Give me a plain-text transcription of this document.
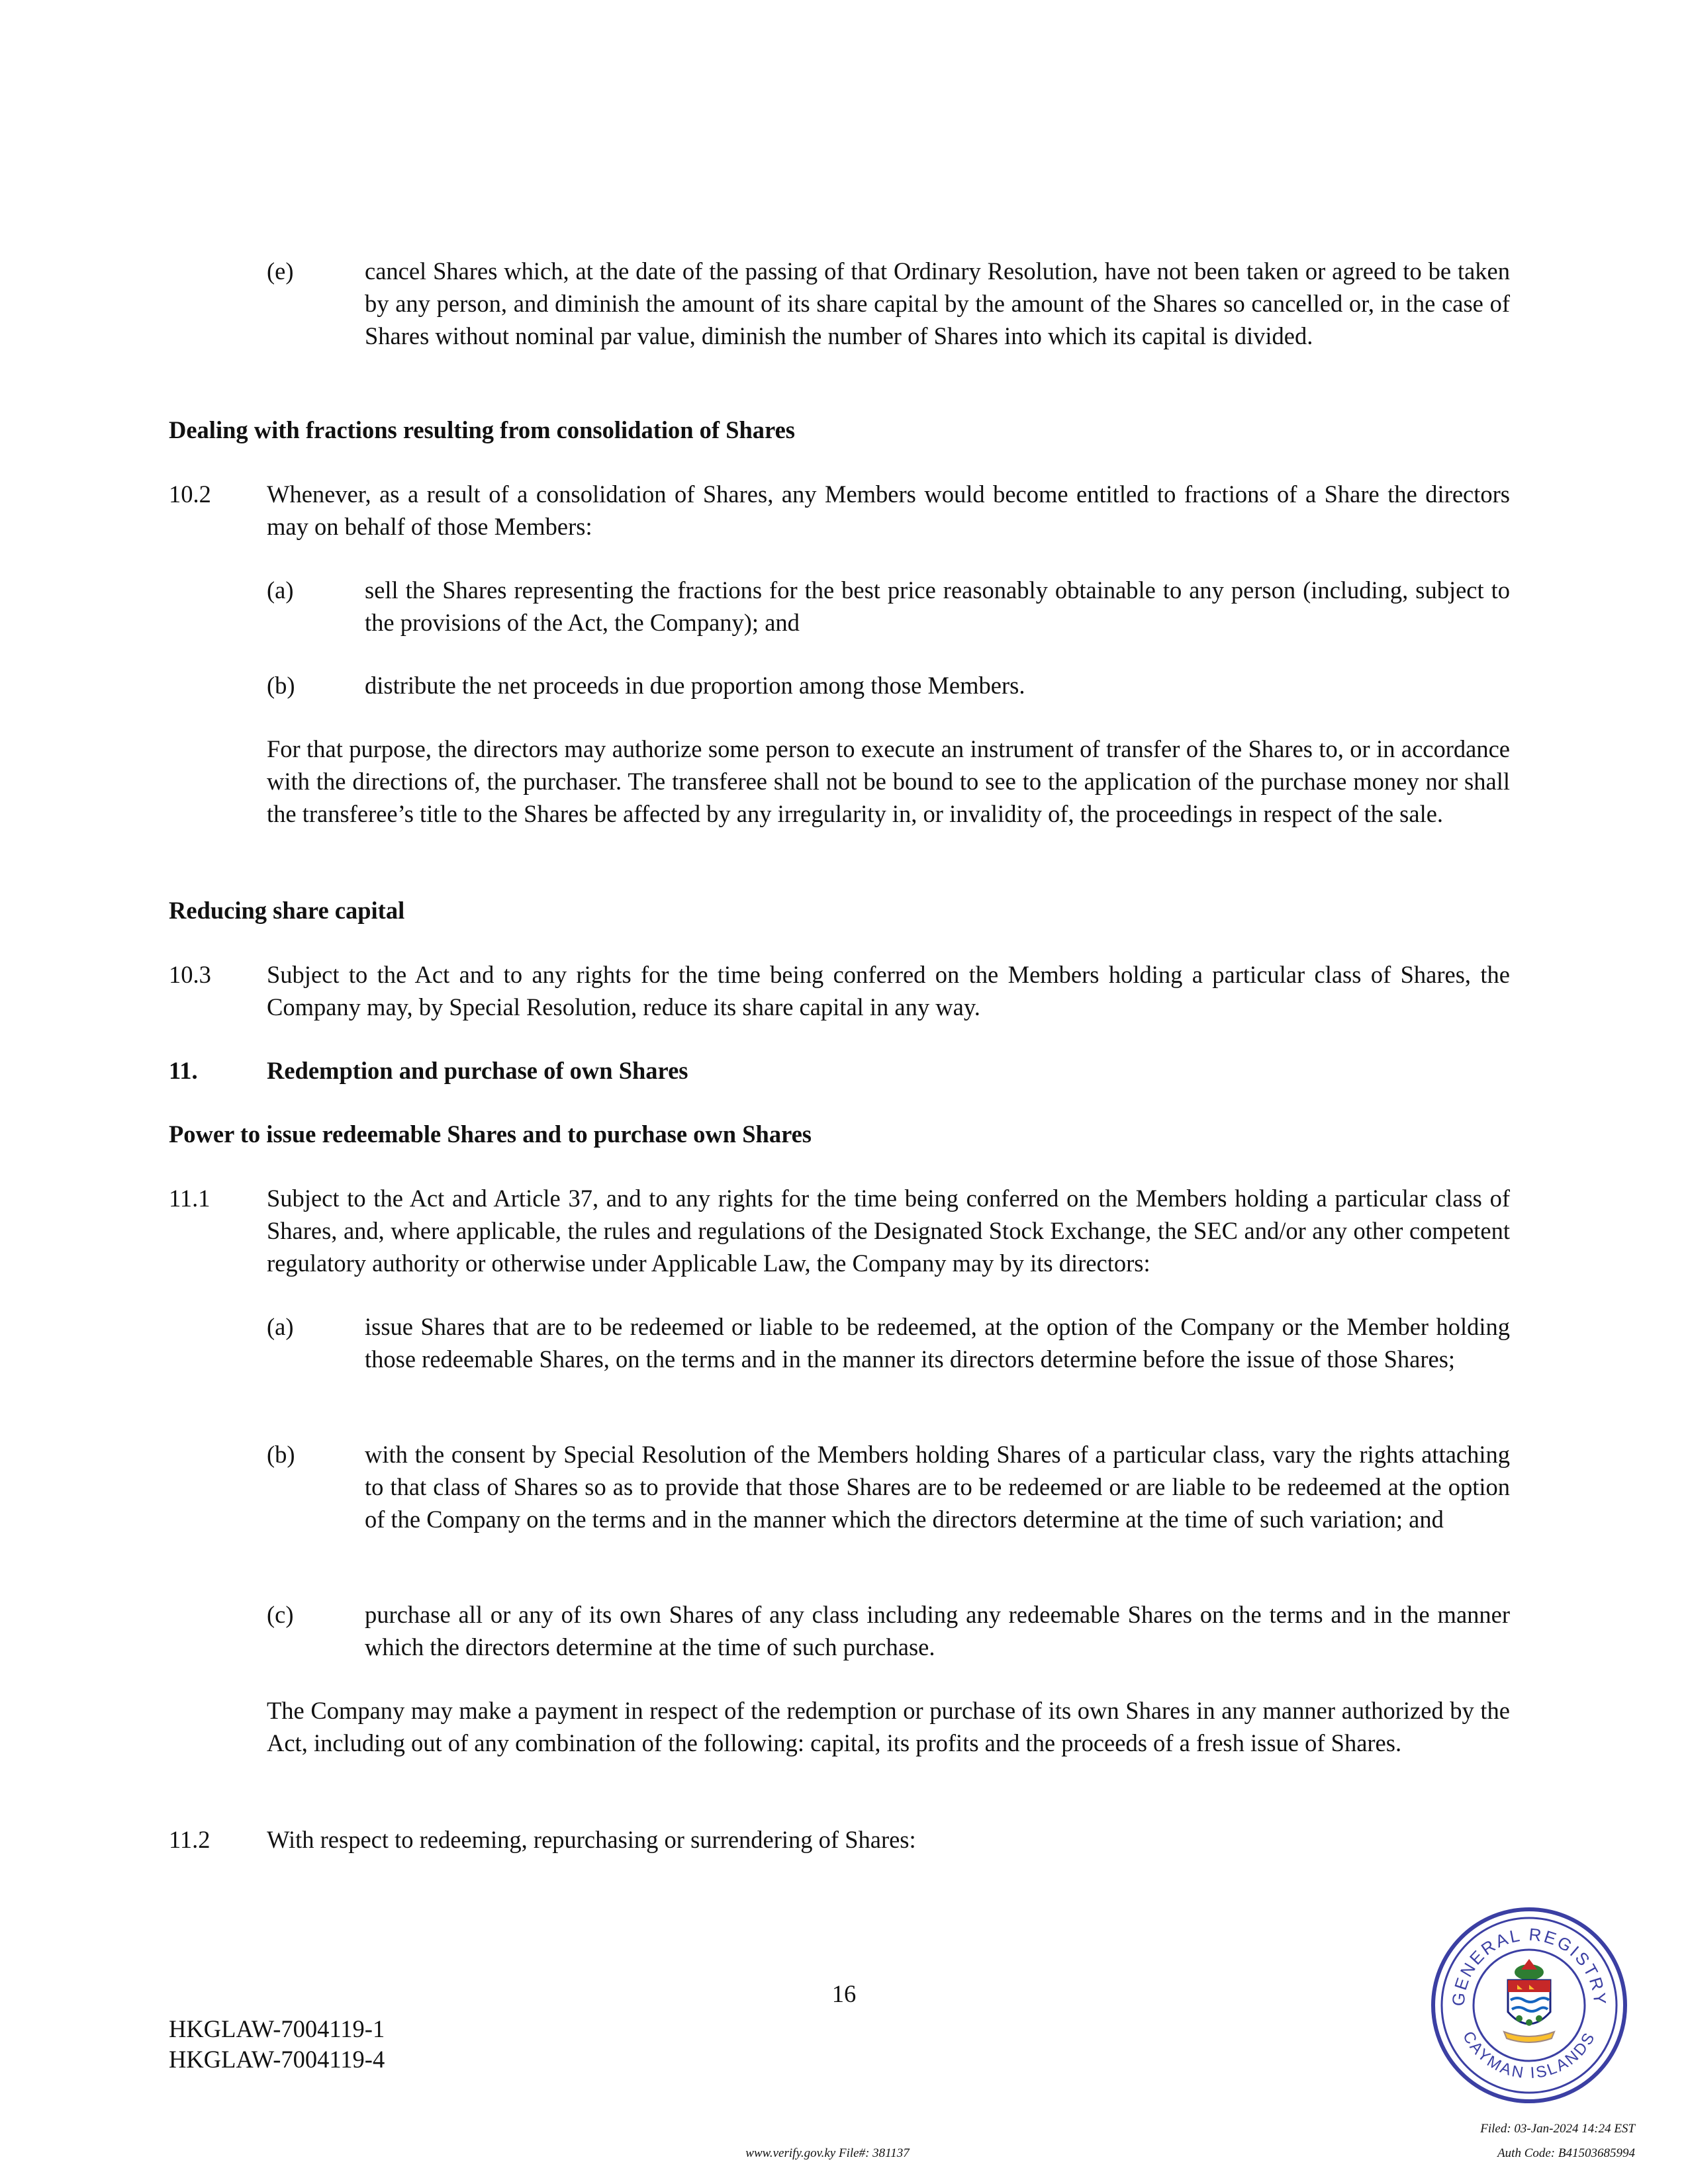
(e)	cancel Shares which, at the date of the passing of that Ordinary Resolution, have not been taken or agreed to be taken by any person, and diminish the amount of its share capital by the amount of the Shares so cancelled or, in the case of Shares without nominal par value, diminish the number of Shares into which its capital is divided.
Dealing with fractions resulting from consolidation of Shares
10.2 Whenever, as a result of a consolidation of Shares, any Members would become entitled to fractions of a Share the directors may on behalf of those Members:
(a)	sell the Shares representing the fractions for the best price reasonably obtainable to any person (including, subject to the provisions of the Act, the Company); and
(b)	distribute the net proceeds in due proportion among those Members.
For that purpose, the directors may authorize some person to execute an instrument of transfer of the Shares to, or in accordance with the directions of, the purchaser. The transferee shall not be bound to see to the application of the purchase money nor shall the transferee’s title to the Shares be affected by any irregularity in, or invalidity of, the proceedings in respect of the sale.
Reducing share capital
10.3 Subject to the Act and to any rights for the time being conferred on the Members holding a particular class of Shares, the Company may, by Special Resolution, reduce its share capital in any way.
11.	Redemption and purchase of own Shares
Power to issue redeemable Shares and to purchase own Shares
11.1 Subject to the Act and Article 37, and to any rights for the time being conferred on the Members holding a particular class of Shares, and, where applicable, the rules and regulations of the Designated Stock Exchange, the SEC and/or any other competent regulatory authority or otherwise under Applicable Law, the Company may by its directors:
(a)	issue Shares that are to be redeemed or liable to be redeemed, at the option of the Company or the Member holding those redeemable Shares, on the terms and in the manner its directors determine before the issue of those Shares;
(b)	with the consent by Special Resolution of the Members holding Shares of a particular class, vary the rights attaching to that class of Shares so as to provide that those Shares are to be redeemed or are liable to be redeemed at the option of the Company on the terms and in the manner which the directors determine at the time of such variation; and
(c)	purchase all or any of its own Shares of any class including any redeemable Shares on the terms and in the manner which the directors determine at the time of such purchase.
The Company may make a payment in respect of the redemption or purchase of its own Shares in any manner authorized by the Act, including out of any combination of the following: capital, its profits and the proceeds of a fresh issue of Shares.
11.2 With respect to redeeming, repurchasing or surrendering of Shares:
16
HKGLAW-7004119-1
HKGLAW-7004119-4
www.verify.gov.ky File#: 381137
Filed: 03-Jan-2024 14:24 EST
Auth Code: B41503685994
GENERAL REGISTRY
CAYMAN ISLANDS
